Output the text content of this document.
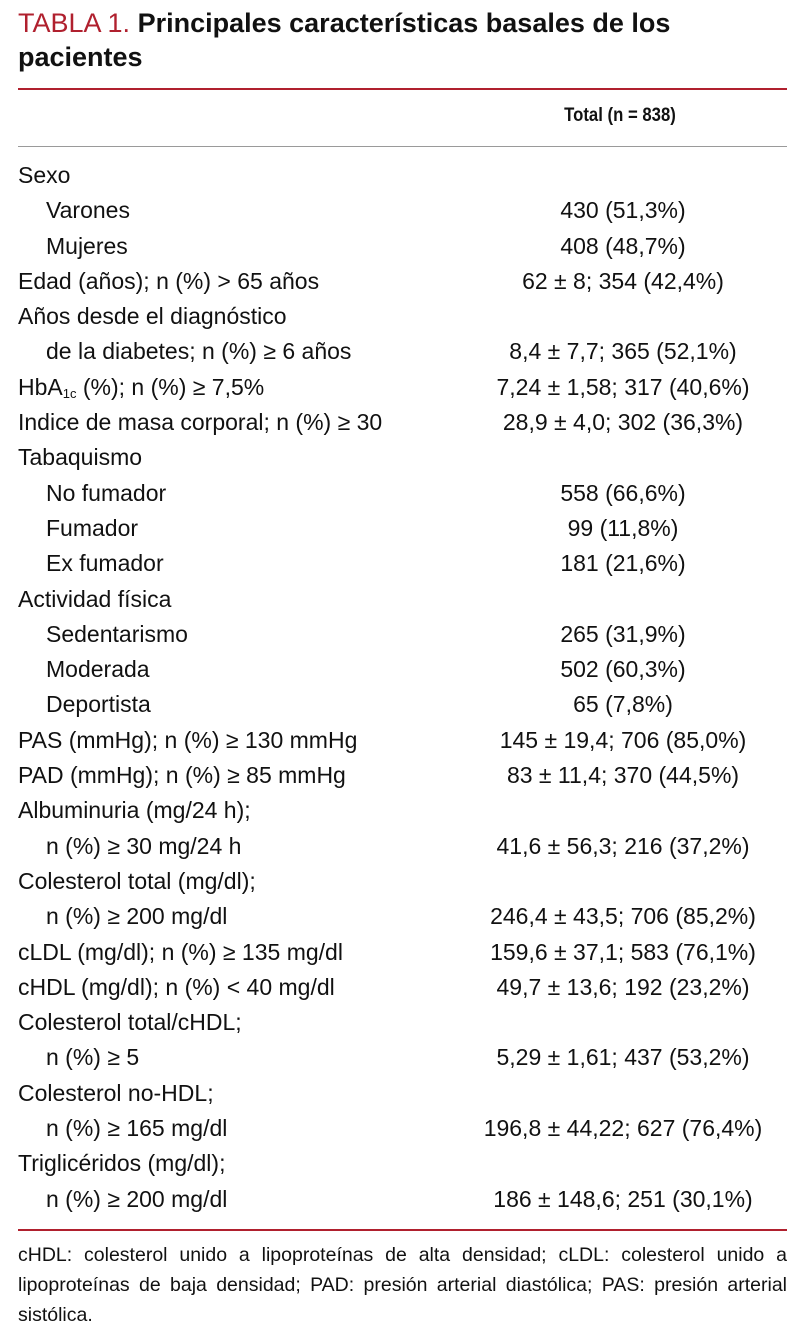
TABLA 1. Principales características basales de los pacientes
Total (n = 838)
Sexo
Varones	430 (51,3%)
Mujeres	408 (48,7%)
Edad (años); n (%) > 65 años	62 ± 8; 354 (42,4%)
Años desde el diagnóstico
de la diabetes; n (%) ≥ 6 años	8,4 ± 7,7; 365 (52,1%)
HbA$_{1c}$ (%); n (%) ≥ 7,5%	7,24 ± 1,58; 317 (40,6%)
Indice de masa corporal; n (%) ≥ 30	28,9 ± 4,0; 302 (36,3%)
Tabaquismo
No fumador	558 (66,6%)
Fumador	99 (11,8%)
Ex fumador	181 (21,6%)
Actividad física
Sedentarismo	265 (31,9%)
Moderada	502 (60,3%)
Deportista	65 (7,8%)
PAS (mmHg); n (%) ≥ 130 mmHg	145 ± 19,4; 706 (85,0%)
PAD (mmHg); n (%) ≥ 85 mmHg	83 ± 11,4; 370 (44,5%)
Albuminuria (mg/24 h);
n (%) ≥ 30 mg/24 h	41,6 ± 56,3; 216 (37,2%)
Colesterol total (mg/dl);
n (%) ≥ 200 mg/dl	246,4 ± 43,5; 706 (85,2%)
cLDL (mg/dl); n (%) ≥ 135 mg/dl	159,6 ± 37,1; 583 (76,1%)
cHDL (mg/dl); n (%) < 40 mg/dl	49,7 ± 13,6; 192 (23,2%)
Colesterol total/cHDL;
n (%) ≥ 5	5,29 ± 1,61; 437 (53,2%)
Colesterol no-HDL;
n (%) ≥ 165 mg/dl	196,8 ± 44,22; 627 (76,4%)
Triglicéridos (mg/dl);
n (%) ≥ 200 mg/dl	186 ± 148,6; 251 (30,1%)

cHDL: colesterol unido a lipoproteínas de alta densidad; cLDL: colesterol unido a lipoproteínas de baja densidad; PAD: presión arterial diastólica; PAS: presión arterial sistólica.
